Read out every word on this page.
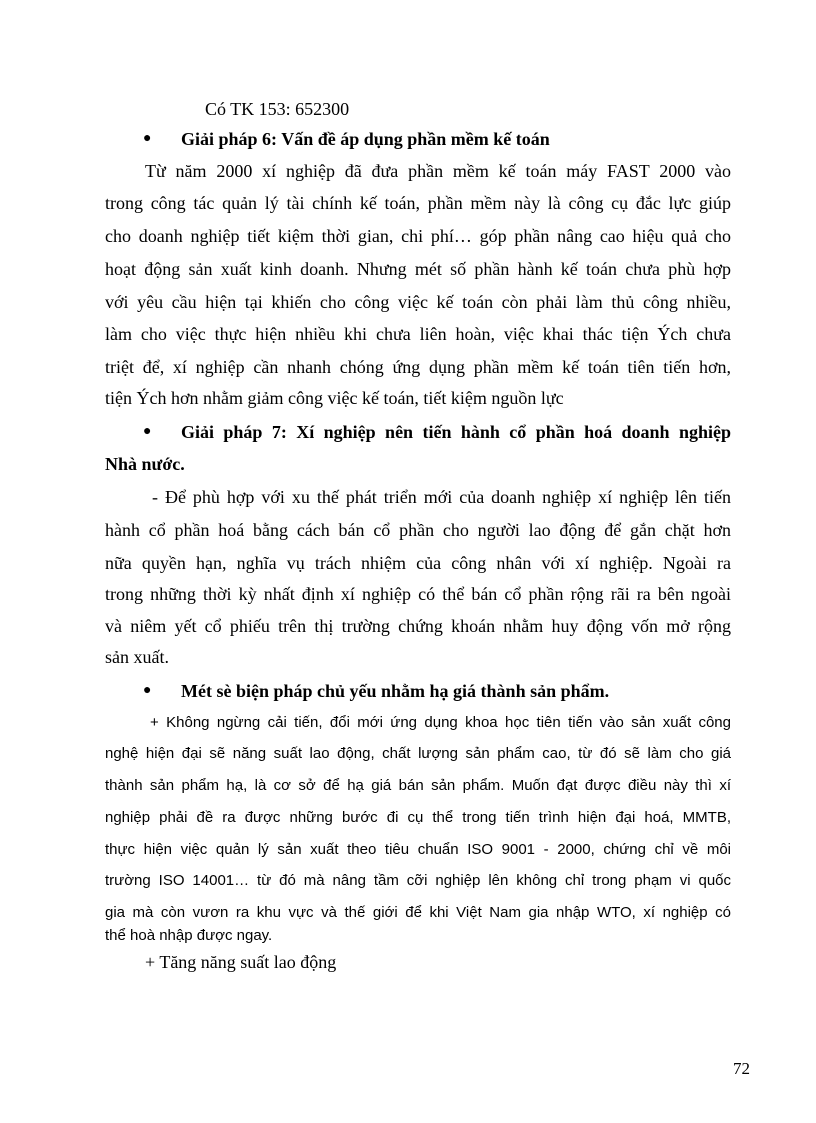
Có TK 153: 652300
● Giải pháp 6: Vấn đề áp dụng phần mềm kế toán
Từ năm 2000 xí nghiệp đã đưa phần mềm kế toán máy FAST 2000 vào
trong công tác quản lý tài chính kế toán, phần mềm này là công cụ đắc lực giúp
cho doanh nghiệp tiết kiệm thời gian, chi phí… góp phần nâng cao hiệu quả cho
hoạt động sản xuất kinh doanh. Nhưng mét số phần hành kế toán chưa phù hợp
với yêu cầu hiện tại khiến cho công việc kế toán còn phải làm thủ công nhiều,
làm cho việc thực hiện nhiều khi chưa liên hoàn, việc khai thác tiện Ých chưa
triệt để, xí nghiệp cần nhanh chóng ứng dụng phần mềm kế toán tiên tiến hơn,
tiện Ých hơn nhằm giảm công việc kế toán, tiết kiệm nguồn lực
● Giải pháp 7: Xí nghiệp nên tiến hành cổ phần hoá doanh nghiệp
Nhà nước.
- Để phù hợp với xu thế phát triển mới của doanh nghiệp xí nghiệp lên tiến
hành cổ phần hoá bằng cách bán cổ phần cho người lao động để gắn chặt hơn
nữa quyền hạn, nghĩa vụ trách nhiệm của công nhân với xí nghiệp. Ngoài ra
trong những thời kỳ nhất định xí nghiệp có thể bán cổ phần rộng rãi ra bên ngoài
và niêm yết cổ phiếu trên thị trường chứng khoán nhằm huy động vốn mở rộng
sản xuất.
● Mét sè biện pháp chủ yếu nhằm hạ giá thành sản phẩm.
+ Không ngừng cải tiến, đổi mới ứng dụng khoa học tiên tiến vào sản xuất công
nghệ hiện đại sẽ năng suất lao động, chất lượng sản phẩm cao, từ đó sẽ làm cho giá
thành sản phẩm hạ, là cơ sở để hạ giá bán sản phẩm. Muốn đạt được điều này thì xí
nghiệp phải đề ra được những bước đi cụ thể trong tiến trình hiện đại hoá, MMTB,
thực hiện việc quản lý sản xuất theo tiêu chuẩn ISO 9001 - 2000, chứng chỉ về môi
trường ISO 14001… từ đó mà nâng tầm cỡi nghiệp lên không chỉ trong phạm vi quốc
gia mà còn vươn ra khu vực và thế giới để khi Việt Nam gia nhập WTO, xí nghiệp có
thể hoà nhập được ngay.
+ Tăng năng suất lao động
72
